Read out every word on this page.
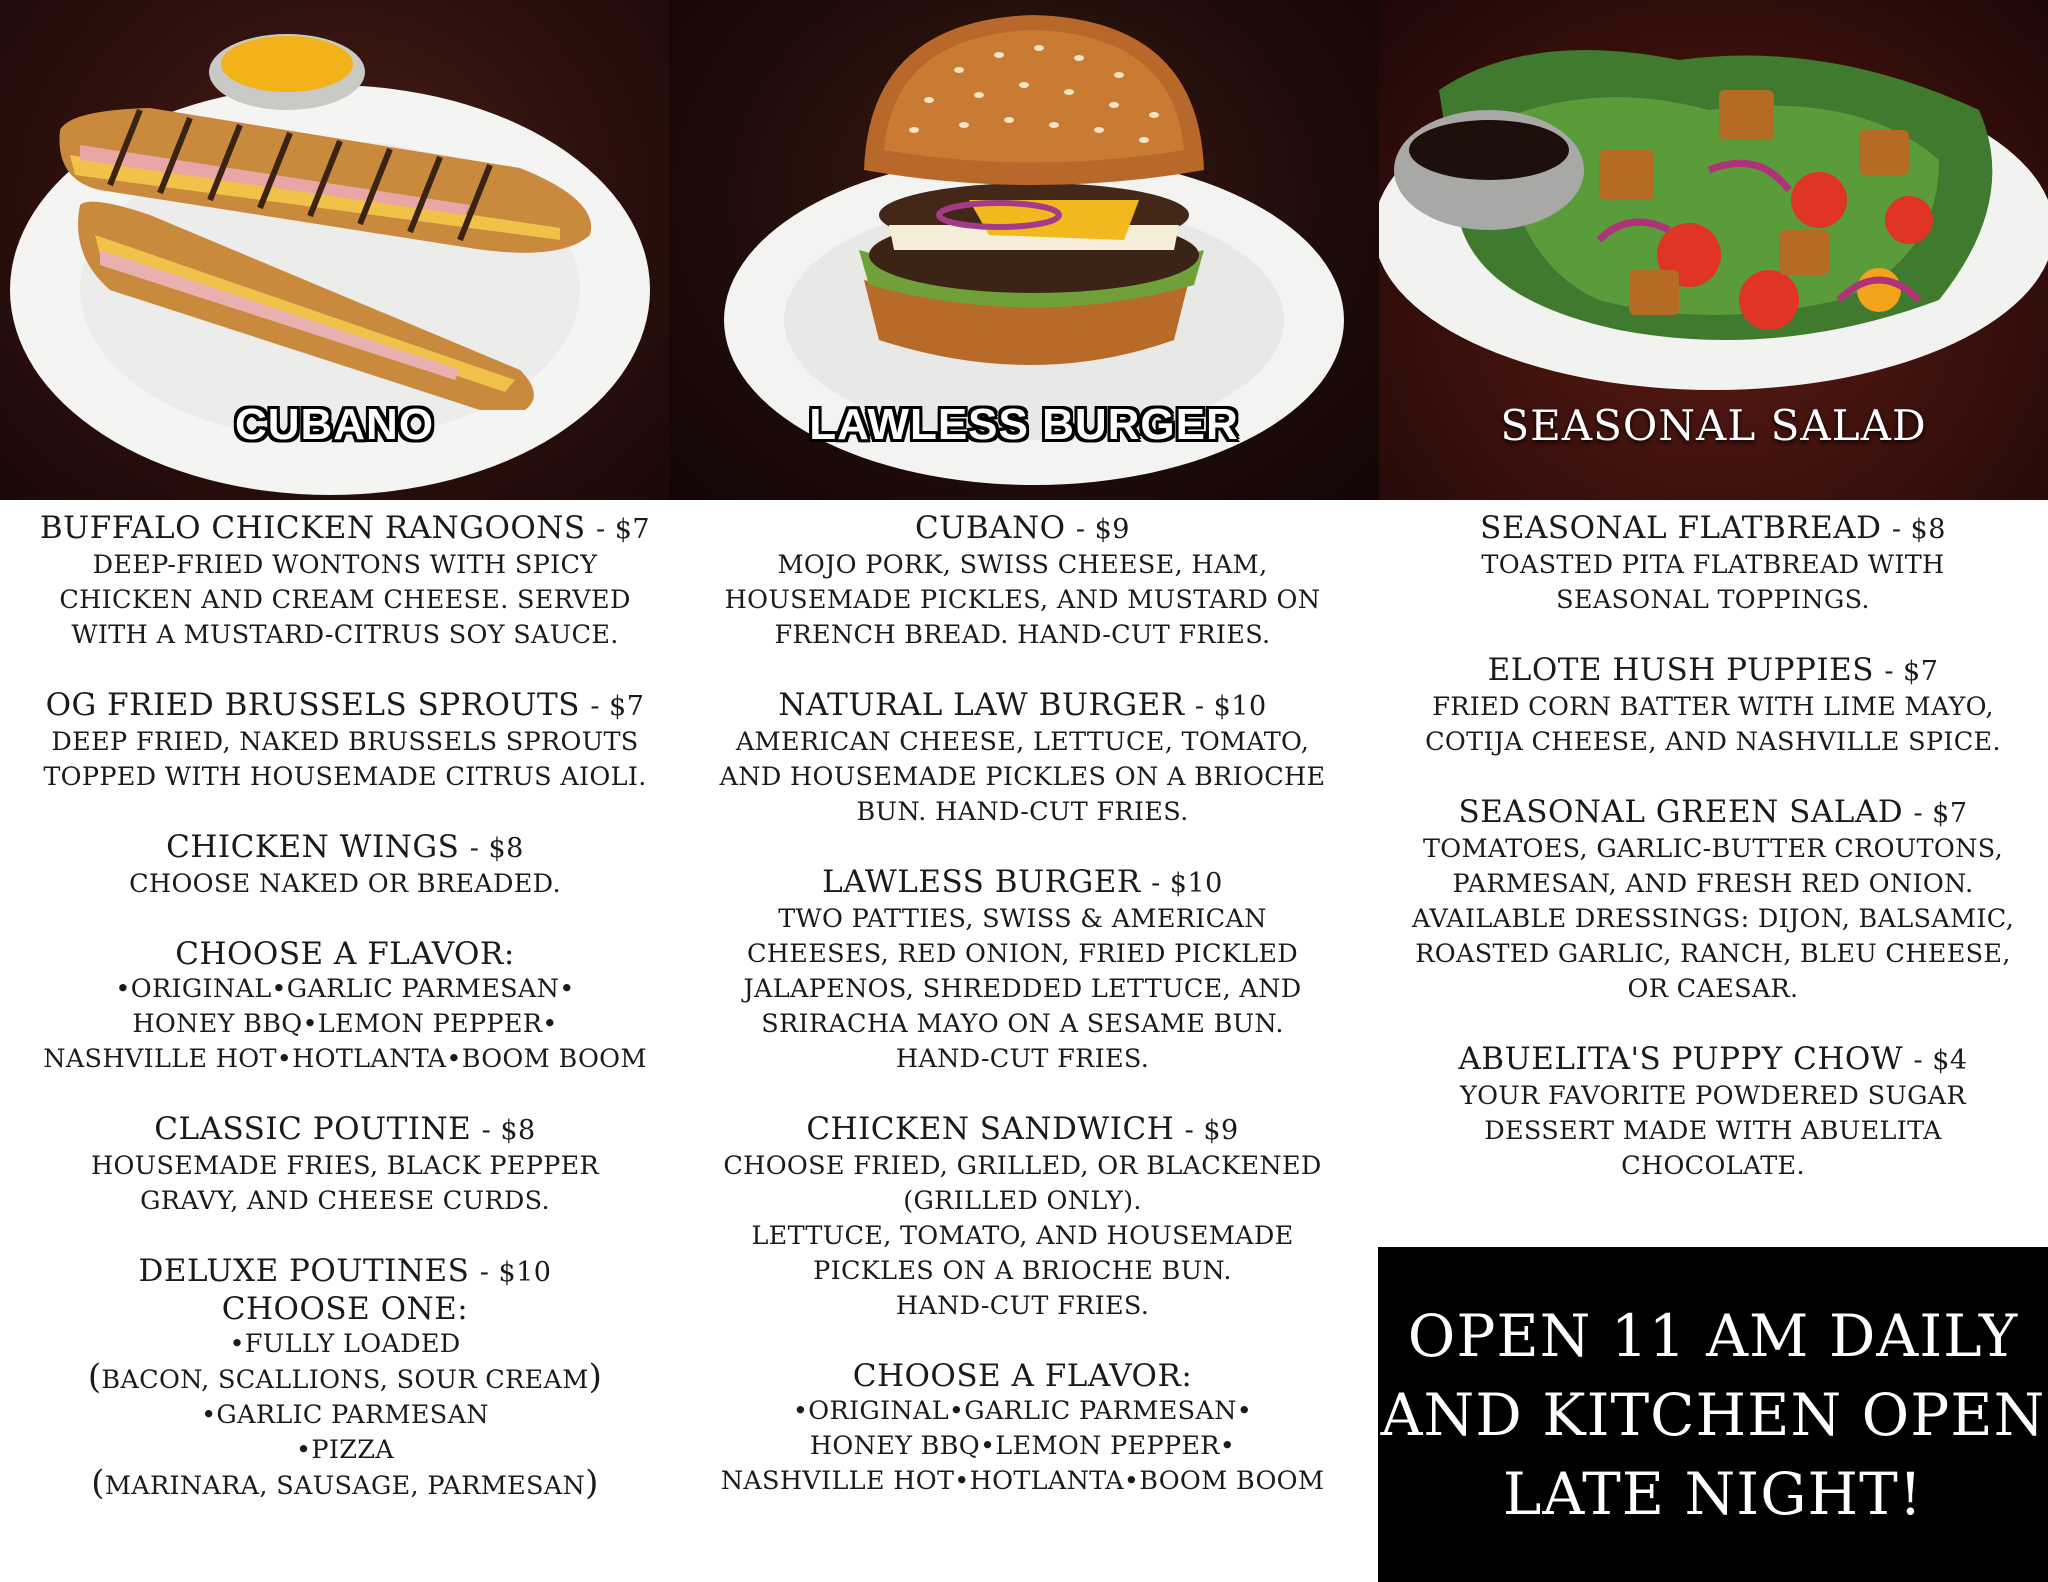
CUBANO	LAWLESS BURGER	SEASONAL SALAD
BUFFALO CHICKEN RANGOONS - $7
DEEP-FRIED WONTONS WITH SPICY
CHICKEN AND CREAM CHEESE. SERVED
WITH A MUSTARD-CITRUS SOY SAUCE.
OG FRIED BRUSSELS SPROUTS - $7
DEEP FRIED, NAKED BRUSSELS SPROUTS
TOPPED WITH HOUSEMADE CITRUS AIOLI.
CHICKEN WINGS - $8
CHOOSE NAKED OR BREADED.
CHOOSE A FLAVOR:
•ORIGINAL•GARLIC PARMESAN•
HONEY BBQ•LEMON PEPPER•
NASHVILLE HOT•HOTLANTA•BOOM BOOM
CLASSIC POUTINE - $8
HOUSEMADE FRIES, BLACK PEPPER
GRAVY, AND CHEESE CURDS.
DELUXE POUTINES - $10
CHOOSE ONE:
•FULLY LOADED
(BACON, SCALLIONS, SOUR CREAM)
•GARLIC PARMESAN
•PIZZA
(MARINARA, SAUSAGE, PARMESAN)
CUBANO - $9
MOJO PORK, SWISS CHEESE, HAM,
HOUSEMADE PICKLES, AND MUSTARD ON
FRENCH BREAD. HAND-CUT FRIES.
NATURAL LAW BURGER - $10
AMERICAN CHEESE, LETTUCE, TOMATO,
AND HOUSEMADE PICKLES ON A BRIOCHE
BUN. HAND-CUT FRIES.
LAWLESS BURGER - $10
TWO PATTIES, SWISS & AMERICAN
CHEESES, RED ONION, FRIED PICKLED
JALAPENOS, SHREDDED LETTUCE, AND
SRIRACHA MAYO ON A SESAME BUN.
HAND-CUT FRIES.
CHICKEN SANDWICH - $9
CHOOSE FRIED, GRILLED, OR BLACKENED
(GRILLED ONLY).
LETTUCE, TOMATO, AND HOUSEMADE
PICKLES ON A BRIOCHE BUN.
HAND-CUT FRIES.
CHOOSE A FLAVOR:
•ORIGINAL•GARLIC PARMESAN•
HONEY BBQ•LEMON PEPPER•
NASHVILLE HOT•HOTLANTA•BOOM BOOM
SEASONAL FLATBREAD - $8
TOASTED PITA FLATBREAD WITH
SEASONAL TOPPINGS.
ELOTE HUSH PUPPIES - $7
FRIED CORN BATTER WITH LIME MAYO,
COTIJA CHEESE, AND NASHVILLE SPICE.
SEASONAL GREEN SALAD - $7
TOMATOES, GARLIC-BUTTER CROUTONS,
PARMESAN, AND FRESH RED ONION.
AVAILABLE DRESSINGS: DIJON, BALSAMIC,
ROASTED GARLIC, RANCH, BLEU CHEESE,
OR CAESAR.
ABUELITA'S PUPPY CHOW - $4
YOUR FAVORITE POWDERED SUGAR
DESSERT MADE WITH ABUELITA
CHOCOLATE.
OPEN 11 AM DAILY
AND KITCHEN OPEN
LATE NIGHT!
